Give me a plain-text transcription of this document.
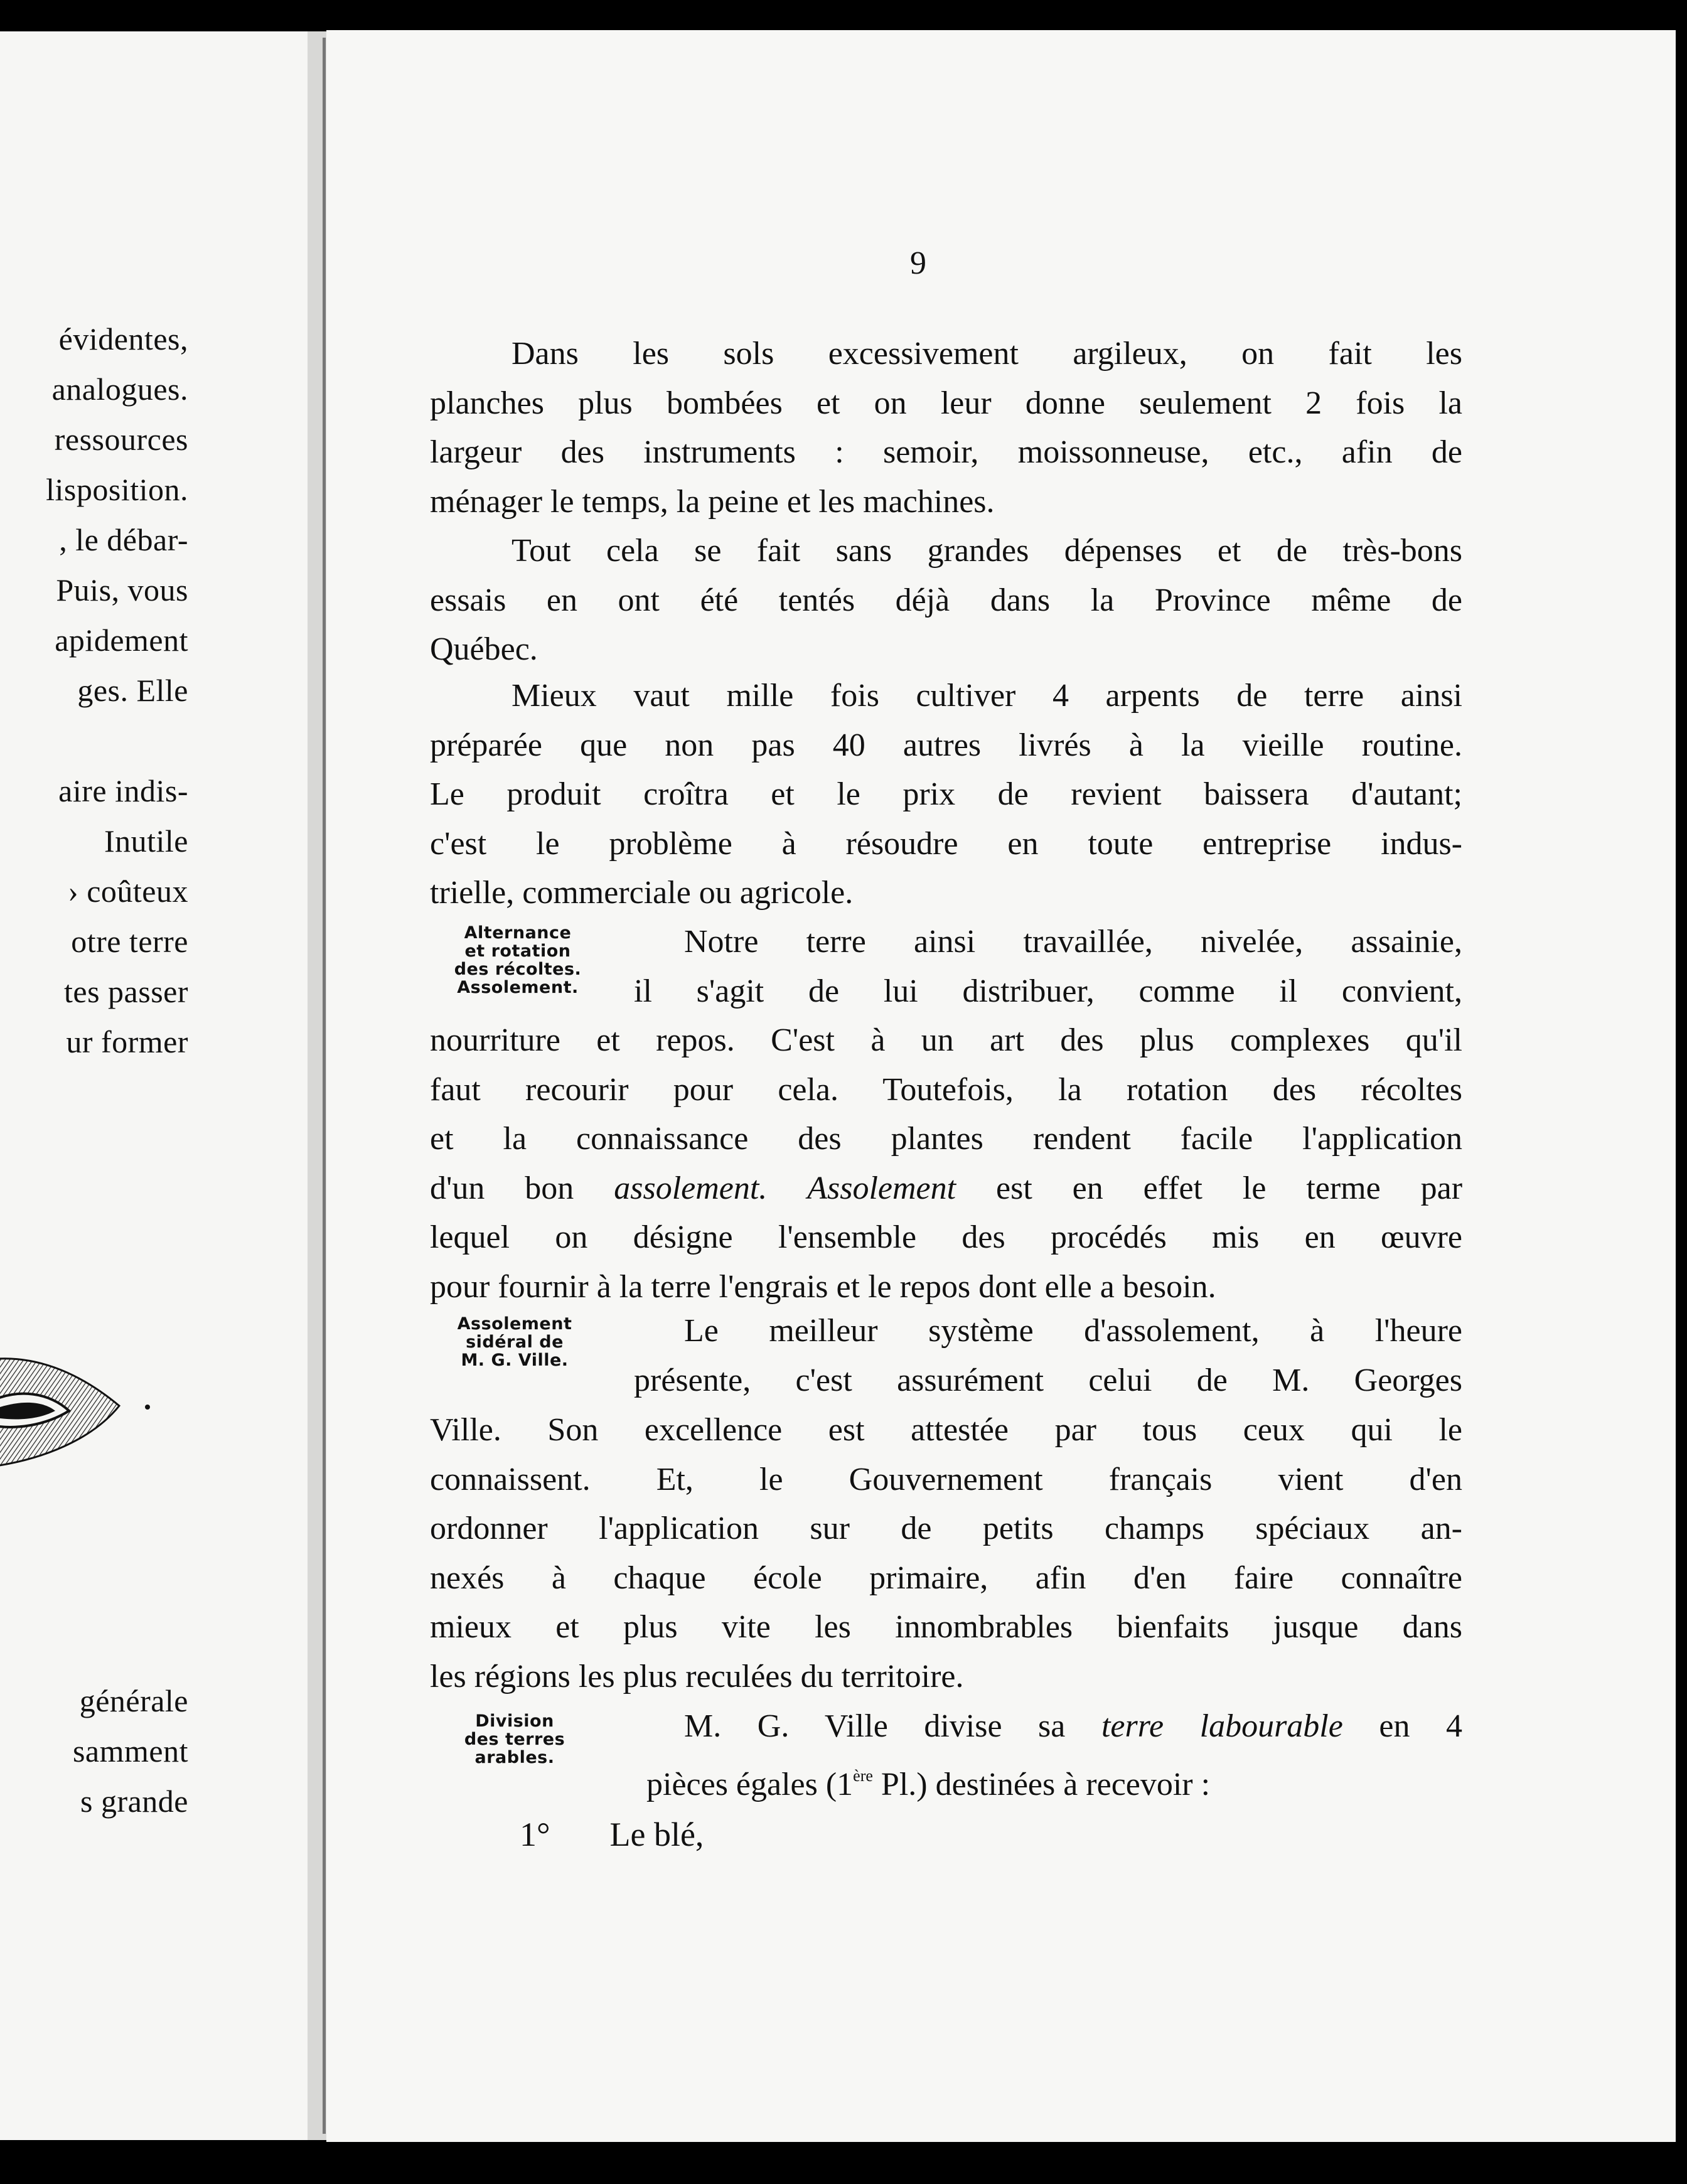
évidentes,
analogues.
ressources
lisposition.
, le débar-
Puis, vous
apidement
ges. Elle
aire indis-
Inutile
› coûteux
otre terre
tes passer
ur former
générale
samment
s grande
9
Dans les sols excessivement argileux, on fait les
planches plus bombées et on leur donne seulement 2 fois la
largeur des instruments : semoir, moissonneuse, etc., afin de
ménager le temps, la peine et les machines.
Tout cela se fait sans grandes dépenses et de très-bons
essais en ont été tentés déjà dans la Province même de
Québec.
Mieux vaut mille fois cultiver 4 arpents de terre ainsi
préparée que non pas 40 autres livrés à la vieille routine.
Le produit croîtra et le prix de revient baissera d'autant;
c'est le problème à résoudre en toute entreprise indus-
trielle, commerciale ou agricole.
Alternance
et rotation
des récoltes.
Assolement.
Notre terre ainsi travaillée, nivelée, assainie,
il s'agit de lui distribuer, comme il convient,
nourriture et repos. C'est à un art des plus complexes qu'il
faut recourir pour cela. Toutefois, la rotation des récoltes
et la connaissance des plantes rendent facile l'application
d'un bon assolement. Assolement est en effet le terme par
lequel on désigne l'ensemble des procédés mis en œuvre
pour fournir à la terre l'engrais et le repos dont elle a besoin.
Assolement
sidéral de
M. G. Ville.
Le meilleur système d'assolement, à l'heure
présente, c'est assurément celui de M. Georges
Ville. Son excellence est attestée par tous ceux qui le
connaissent. Et, le Gouvernement français vient d'en
ordonner l'application sur de petits champs spéciaux an-
nexés à chaque école primaire, afin d'en faire connaître
mieux et plus vite les innombrables bienfaits jusque dans
les régions les plus reculées du territoire.
Division
des terres
arables.
M. G. Ville divise sa terre labourable en 4
pièces égales (1ère Pl.) destinées à recevoir :
1° Le blé,
